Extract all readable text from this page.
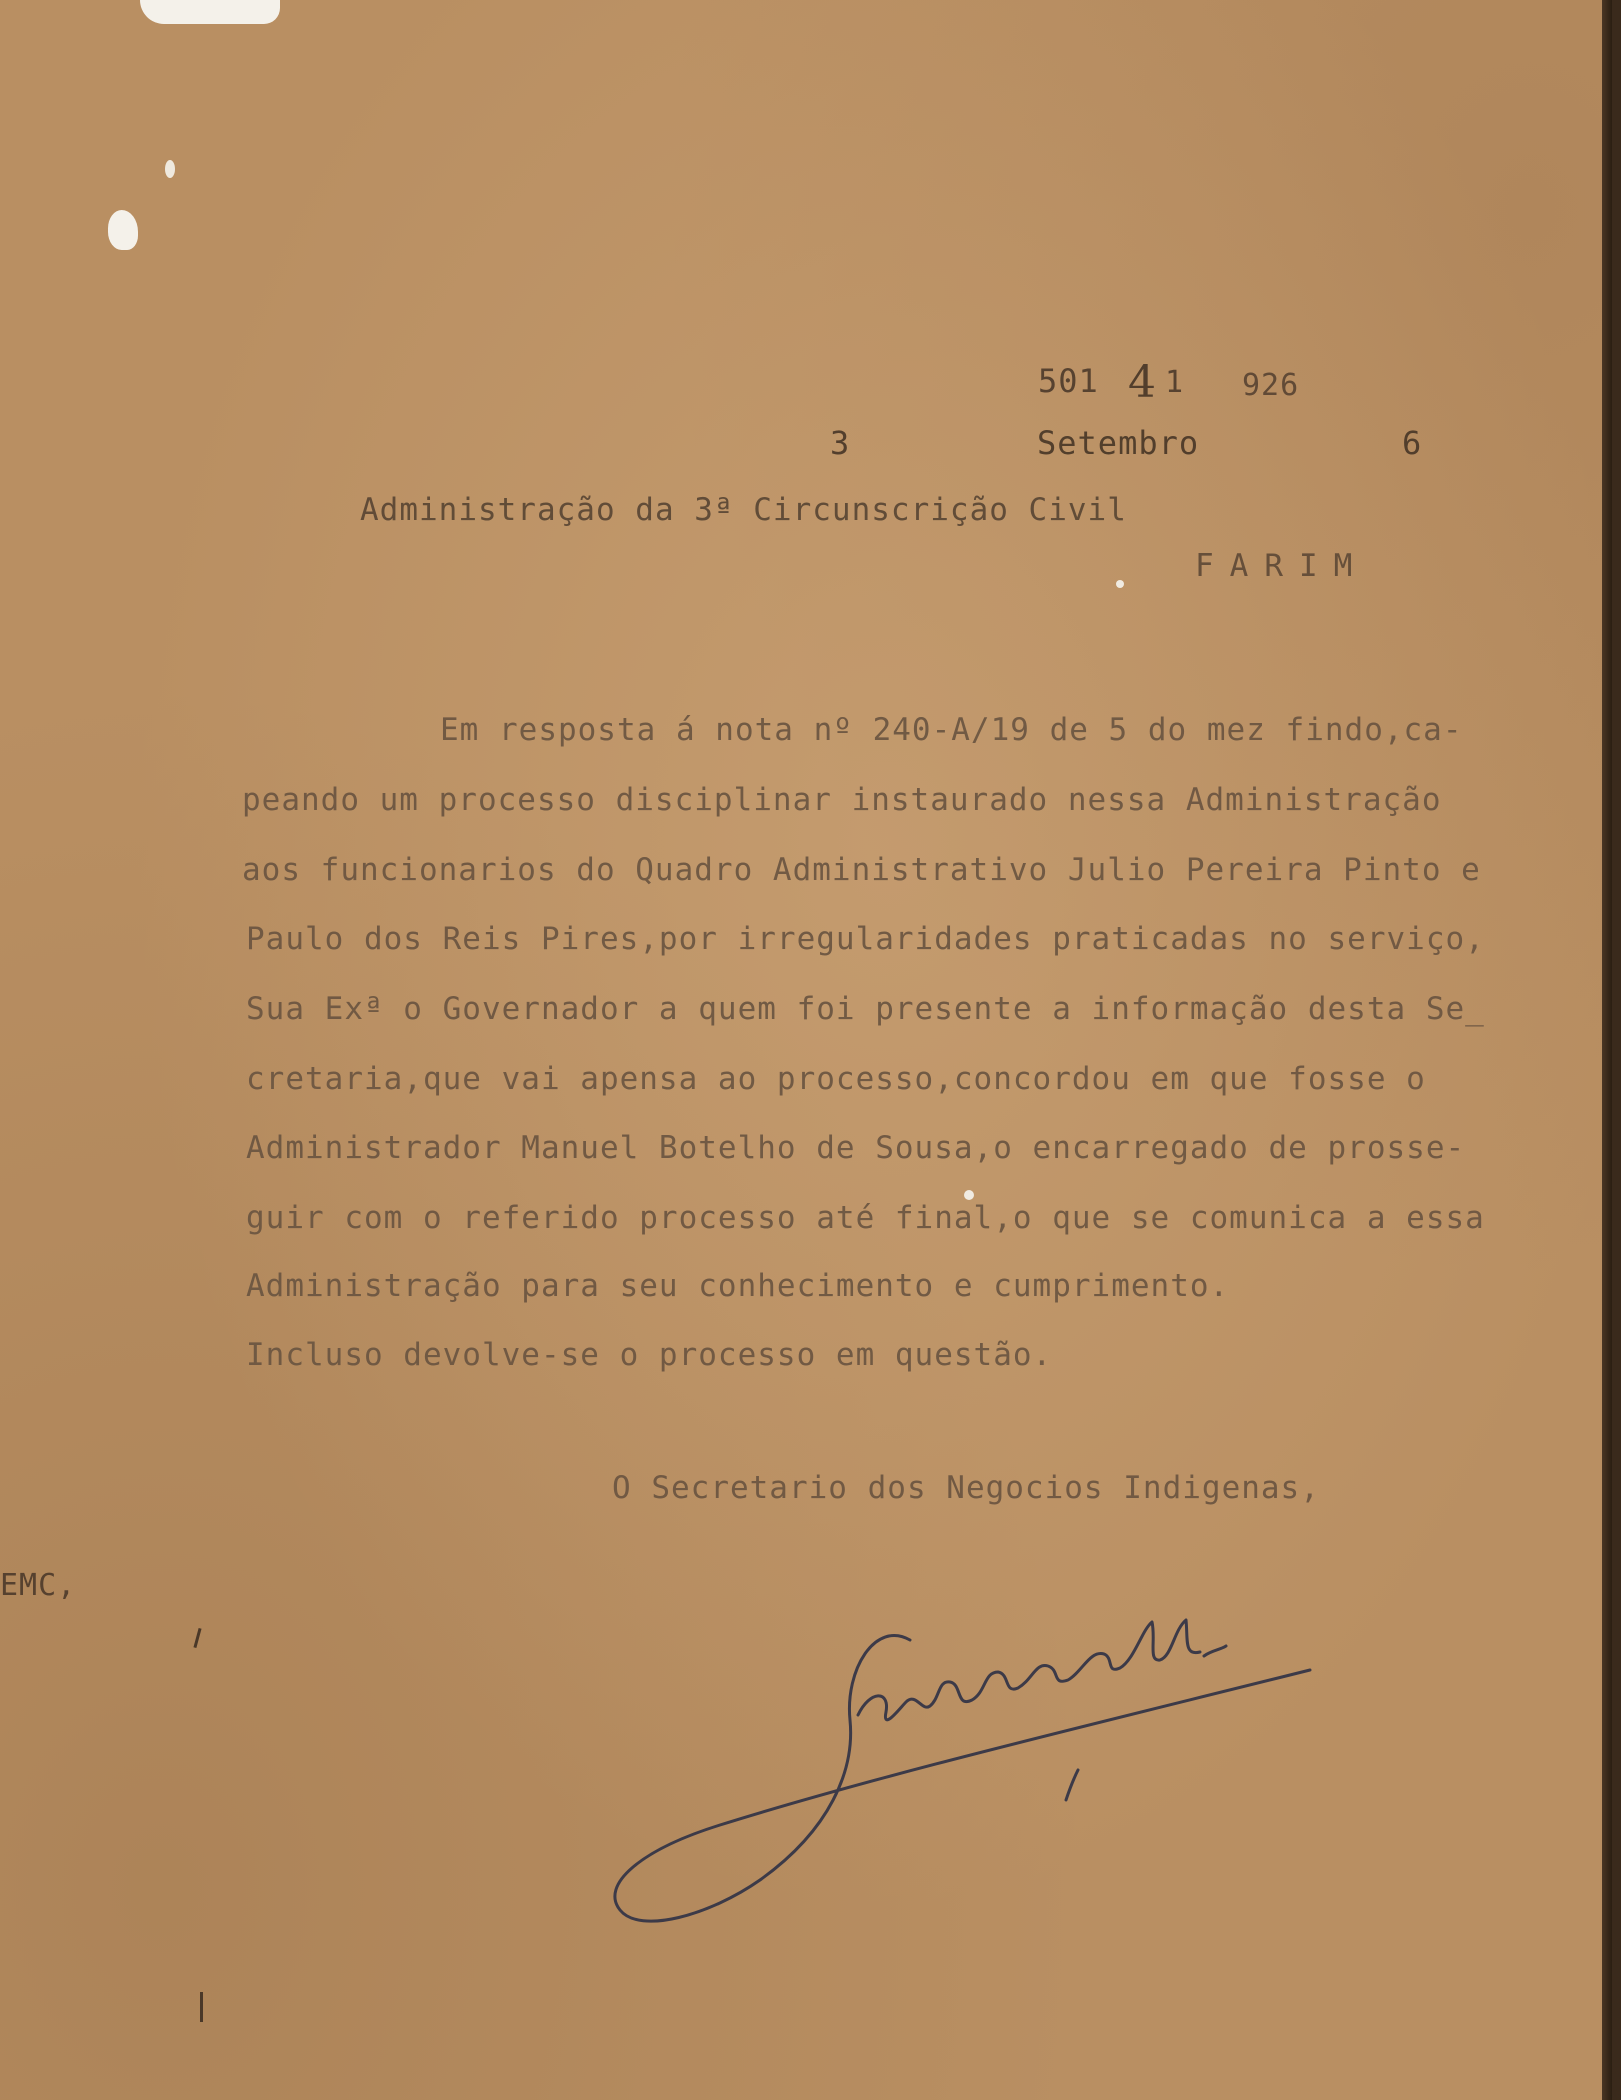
501 4 1 926
3	Setembro	6
Administração da 3ª Circunscrição Civil
FARIM
Em resposta á nota nº 240-A/19 de 5 do mez findo,ca-
peando um processo disciplinar instaurado nessa Administração
aos funcionarios do Quadro Administrativo Julio Pereira Pinto e
Paulo dos Reis Pires,por irregularidades praticadas no serviço,
Sua Exª o Governador a quem foi presente a informação desta Se_
cretaria,que vai apensa ao processo,concordou em que fosse o
Administrador Manuel Botelho de Sousa,o encarregado de prosse-
guir com o referido processo até final,o que se comunica a essa
Administração para seu conhecimento e cumprimento.
Incluso devolve-se o processo em questão.
O Secretario dos Negocios Indigenas,
EMC,
